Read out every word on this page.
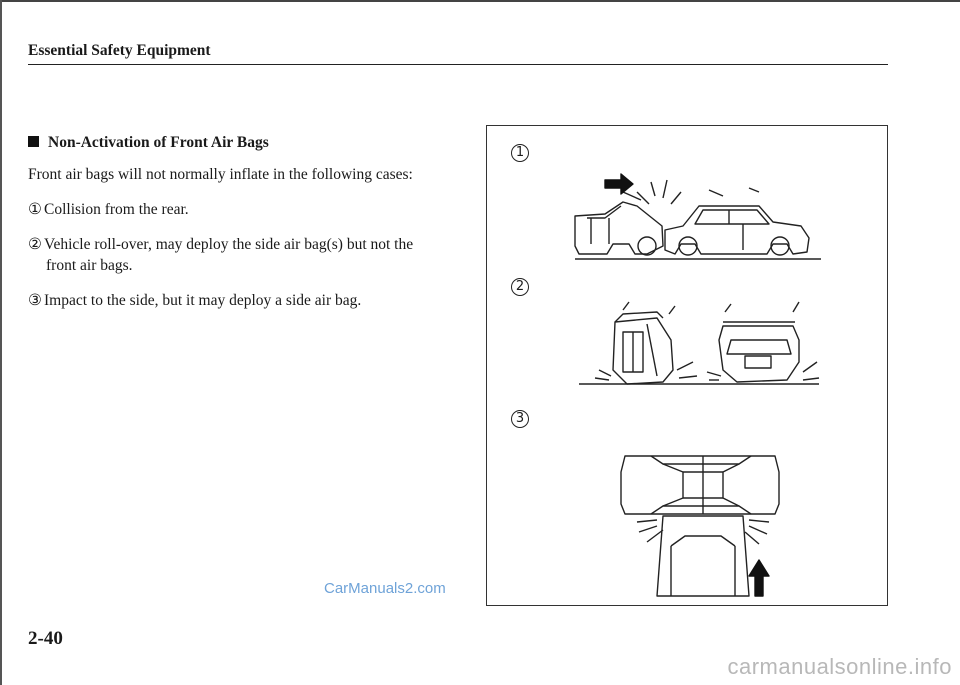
Essential Safety Equipment
Non-Activation of Front Air Bags
Front air bags will not normally inflate in the following cases:
① Collision from the rear.
② Vehicle roll-over, may deploy the side air bag(s) but not the
front air bags.
③ Impact to the side, but it may deploy a side air bag.
1
2
3
CarManuals2.com
2-40
carmanualsonline.info
